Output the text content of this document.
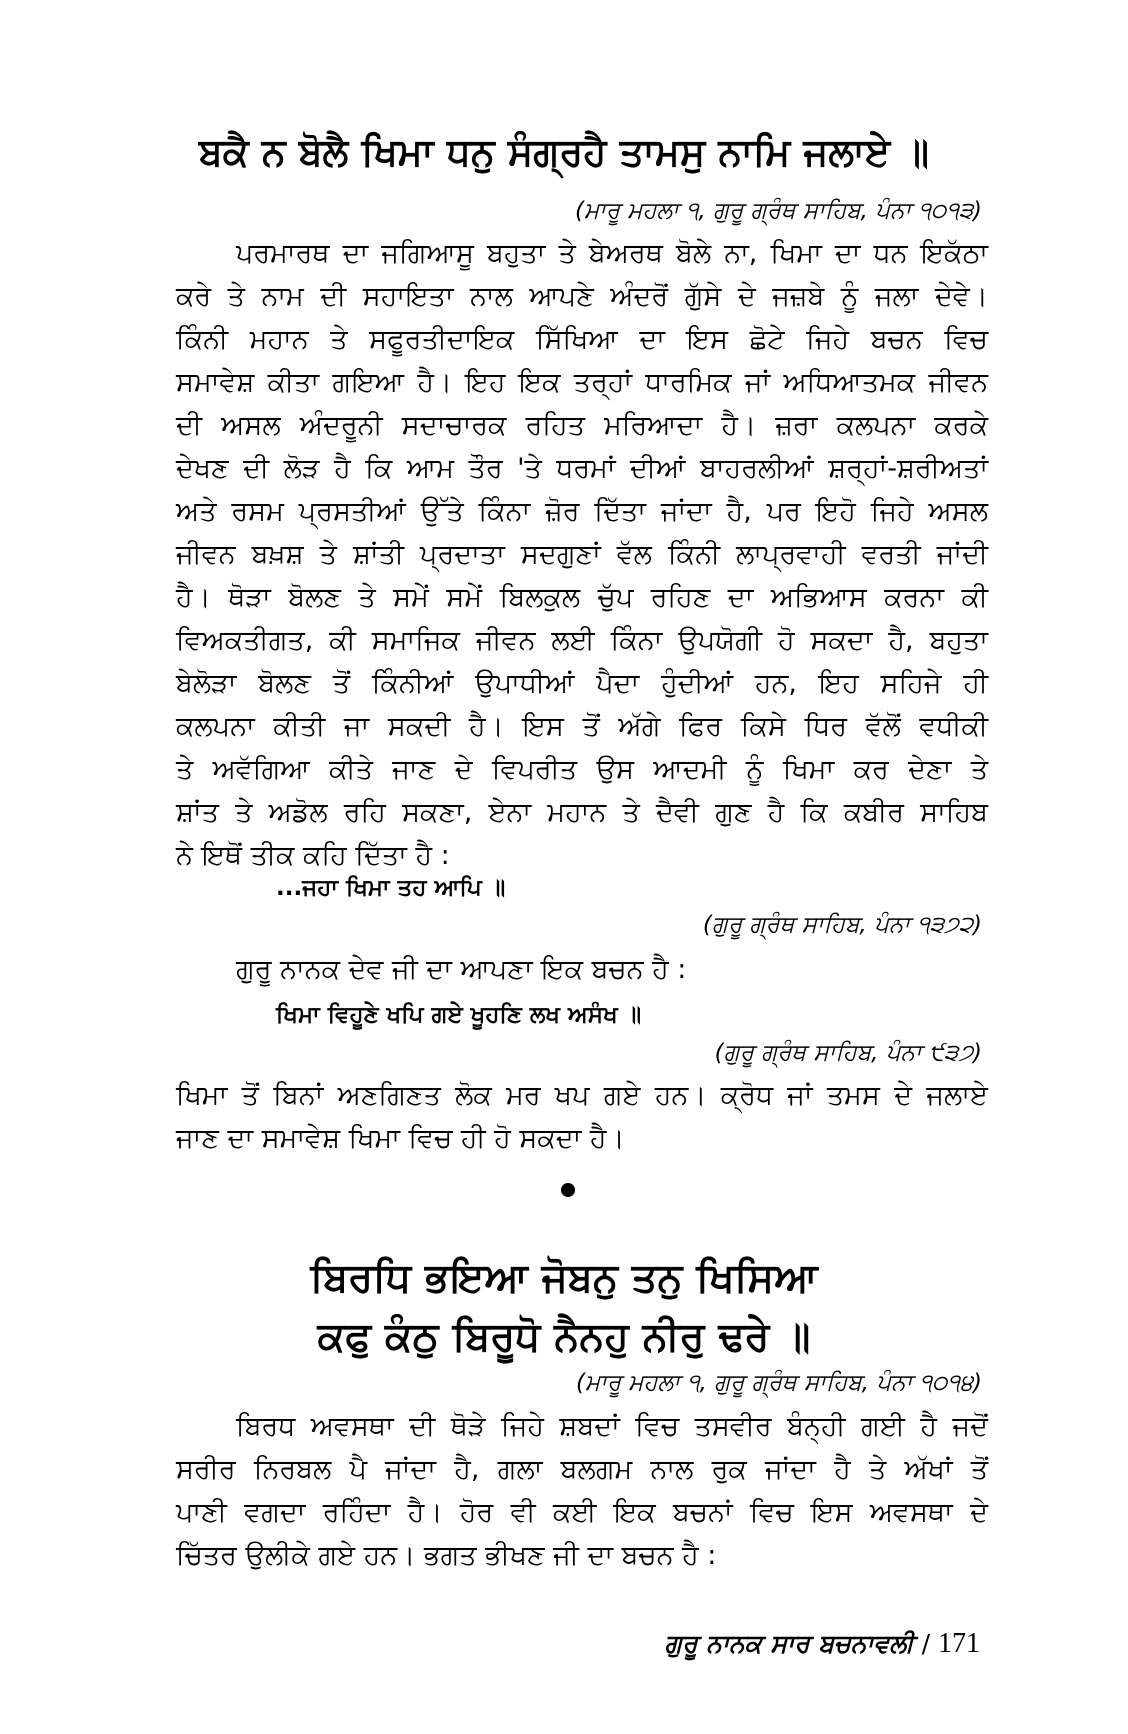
ਬਕੈ ਨ ਬੋਲੈ ਖਿਮਾ ਧਨੁ ਸੰਗ੍ਰਹੈ ਤਾਮਸੁ ਨਾਮਿ ਜਲਾਏ ॥
(ਮਾਰੂ ਮਹਲਾ ੧, ਗੁਰੂ ਗ੍ਰੰਥ ਸਾਹਿਬ, ਪੰਨਾ ੧੦੧੩)
ਪਰਮਾਰਥ ਦਾ ਜਗਿਆਸੂ ਬਹੁਤਾ ਤੇ ਬੇਅਰਥ ਬੋਲੇ ਨਾ, ਖਿਮਾ ਦਾ ਧਨ ਇਕੱਠਾ
ਕਰੇ ਤੇ ਨਾਮ ਦੀ ਸਹਾਇਤਾ ਨਾਲ ਆਪਣੇ ਅੰਦਰੋਂ ਗੁੱਸੇ ਦੇ ਜਜ਼ਬੇ ਨੂੰ ਜਲਾ ਦੇਵੇ।
ਕਿੰਨੀ ਮਹਾਨ ਤੇ ਸਫੂਰਤੀਦਾਇਕ ਸਿੱਖਿਆ ਦਾ ਇਸ ਛੋਟੇ ਜਿਹੇ ਬਚਨ ਵਿਚ
ਸਮਾਵੇਸ਼ ਕੀਤਾ ਗਇਆ ਹੈ। ਇਹ ਇਕ ਤਰ੍ਹਾਂ ਧਾਰਮਿਕ ਜਾਂ ਅਧਿਆਤਮਕ ਜੀਵਨ
ਦੀ ਅਸਲ ਅੰਦਰੂਨੀ ਸਦਾਚਾਰਕ ਰਹਿਤ ਮਰਿਆਦਾ ਹੈ। ਜ਼ਰਾ ਕਲਪਨਾ ਕਰਕੇ
ਦੇਖਣ ਦੀ ਲੋੜ ਹੈ ਕਿ ਆਮ ਤੌਰ 'ਤੇ ਧਰਮਾਂ ਦੀਆਂ ਬਾਹਰਲੀਆਂ ਸ਼ਰ੍ਹਾਂ-ਸ਼ਰੀਅਤਾਂ
ਅਤੇ ਰਸਮ ਪ੍ਰਸਤੀਆਂ ਉੱਤੇ ਕਿੰਨਾ ਜ਼ੋਰ ਦਿੱਤਾ ਜਾਂਦਾ ਹੈ, ਪਰ ਇਹੋ ਜਿਹੇ ਅਸਲ
ਜੀਵਨ ਬਖ਼ਸ਼ ਤੇ ਸ਼ਾਂਤੀ ਪ੍ਰਦਾਤਾ ਸਦਗੁਣਾਂ ਵੱਲ ਕਿੰਨੀ ਲਾਪ੍ਰਵਾਹੀ ਵਰਤੀ ਜਾਂਦੀ
ਹੈ। ਥੋੜਾ ਬੋਲਣ ਤੇ ਸਮੇਂ ਸਮੇਂ ਬਿਲਕੁਲ ਚੁੱਪ ਰਹਿਣ ਦਾ ਅਭਿਆਸ ਕਰਨਾ ਕੀ
ਵਿਅਕਤੀਗਤ, ਕੀ ਸਮਾਜਿਕ ਜੀਵਨ ਲਈ ਕਿੰਨਾ ਉਪਯੋਗੀ ਹੋ ਸਕਦਾ ਹੈ, ਬਹੁਤਾ
ਬੇਲੋੜਾ ਬੋਲਣ ਤੋਂ ਕਿੰਨੀਆਂ ਉਪਾਧੀਆਂ ਪੈਦਾ ਹੁੰਦੀਆਂ ਹਨ, ਇਹ ਸਹਿਜੇ ਹੀ
ਕਲਪਨਾ ਕੀਤੀ ਜਾ ਸਕਦੀ ਹੈ। ਇਸ ਤੋਂ ਅੱਗੇ ਫਿਰ ਕਿਸੇ ਧਿਰ ਵੱਲੋਂ ਵਧੀਕੀ
ਤੇ ਅਵੱਗਿਆ ਕੀਤੇ ਜਾਣ ਦੇ ਵਿਪਰੀਤ ਉਸ ਆਦਮੀ ਨੂੰ ਖਿਮਾ ਕਰ ਦੇਣਾ ਤੇ
ਸ਼ਾਂਤ ਤੇ ਅਡੋਲ ਰਹਿ ਸਕਣਾ, ਏਨਾ ਮਹਾਨ ਤੇ ਦੈਵੀ ਗੁਣ ਹੈ ਕਿ ਕਬੀਰ ਸਾਹਿਬ
ਨੇ ਇਥੋਂ ਤੀਕ ਕਹਿ ਦਿੱਤਾ ਹੈ :
...ਜਹਾ ਖਿਮਾ ਤਹ ਆਪਿ ॥
(ਗੁਰੂ ਗ੍ਰੰਥ ਸਾਹਿਬ, ਪੰਨਾ ੧੩੭੨)
ਗੁਰੂ ਨਾਨਕ ਦੇਵ ਜੀ ਦਾ ਆਪਣਾ ਇਕ ਬਚਨ ਹੈ :
ਖਿਮਾ ਵਿਹੂਣੇ ਖਪਿ ਗਏ ਖੂਹਣਿ ਲਖ ਅਸੰਖ ॥
(ਗੁਰੂ ਗ੍ਰੰਥ ਸਾਹਿਬ, ਪੰਨਾ ੯੩੭)
ਖਿਮਾ ਤੋਂ ਬਿਨਾਂ ਅਣਗਿਣਤ ਲੋਕ ਮਰ ਖਪ ਗਏ ਹਨ। ਕ੍ਰੋਧ ਜਾਂ ਤਮਸ ਦੇ ਜਲਾਏ
ਜਾਣ ਦਾ ਸਮਾਵੇਸ਼ ਖਿਮਾ ਵਿਚ ਹੀ ਹੋ ਸਕਦਾ ਹੈ।
ਬਿਰਧਿ ਭਇਆ ਜੋਬਨੁ ਤਨੁ ਖਿਸਿਆ
ਕਫੁ ਕੰਠੁ ਬਿਰੂਧੋ ਨੈਨਹੁ ਨੀਰੁ ਢਰੇ ॥
(ਮਾਰੂ ਮਹਲਾ ੧, ਗੁਰੂ ਗ੍ਰੰਥ ਸਾਹਿਬ, ਪੰਨਾ ੧੦੧੪)
ਬਿਰਧ ਅਵਸਥਾ ਦੀ ਥੋੜੇ ਜਿਹੇ ਸ਼ਬਦਾਂ ਵਿਚ ਤਸਵੀਰ ਬੰਨ੍ਹੀ ਗਈ ਹੈ ਜਦੋਂ
ਸਰੀਰ ਨਿਰਬਲ ਪੈ ਜਾਂਦਾ ਹੈ, ਗਲਾ ਬਲਗਮ ਨਾਲ ਰੁਕ ਜਾਂਦਾ ਹੈ ਤੇ ਅੱਖਾਂ ਤੋਂ
ਪਾਣੀ ਵਗਦਾ ਰਹਿੰਦਾ ਹੈ। ਹੋਰ ਵੀ ਕਈ ਇਕ ਬਚਨਾਂ ਵਿਚ ਇਸ ਅਵਸਥਾ ਦੇ
ਚਿੱਤਰ ਉਲੀਕੇ ਗਏ ਹਨ। ਭਗਤ ਭੀਖਣ ਜੀ ਦਾ ਬਚਨ ਹੈ :
ਗੁਰੂ ਨਾਨਕ ਸਾਰ ਬਚਨਾਵਲੀ / 171
